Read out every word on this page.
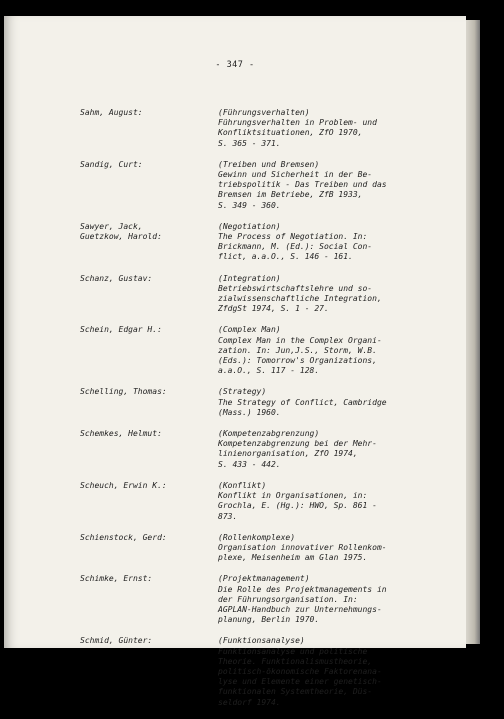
- 347 -
Sahm, August:	(Führungsverhalten)
Führungsverhalten in Problem- und
Konfliktsituationen, ZfO 1970,
S. 365 - 371.
Sandig, Curt:	(Treiben und Bremsen)
Gewinn und Sicherheit in der Be-
triebspolitik - Das Treiben und das
Bremsen im Betriebe, ZfB 1933,
S. 349 - 360.
Sawyer, Jack,
Guetzkow, Harold:
(Negotiation)
The Process of Negotiation. In:
Brickmann, M. (Ed.): Social Con-
flict, a.a.O., S. 146 - 161.
Schanz, Gustav:	(Integration)
Betriebswirtschaftslehre und so-
zialwissenschaftliche Integration,
ZfdgSt 1974, S. 1 - 27.
Schein, Edgar H.:	(Complex Man)
Complex Man in the Complex Organi-
zation. In: Jun,J.S., Storm, W.B.
(Eds.): Tomorrow's Organizations,
a.a.O., S. 117 - 128.
Schelling, Thomas:	(Strategy)
The Strategy of Conflict, Cambridge
(Mass.) 1960.
Schemkes, Helmut:	(Kompetenzabgrenzung)
Kompetenzabgrenzung bei der Mehr-
linienorganisation, ZfO 1974,
S. 433 - 442.
Scheuch, Erwin K.:	(Konflikt)
Konflikt in Organisationen, in:
Grochla, E. (Hg.): HWO, Sp. 861 -
873.
Schienstock, Gerd:	(Rollenkomplexe)
Organisation innovativer Rollenkom-
plexe, Meisenheim am Glan 1975.
Schimke, Ernst:	(Projektmanagement)
Die Rolle des Projektmanagements in
der Führungsorganisation. In:
AGPLAN-Handbuch zur Unternehmungs-
planung, Berlin 1970.
Schmid, Günter:	(Funktionsanalyse)
Funktionsanalyse und politische
Theorie. Funktionalismustheorie,
politisch-ökonomische Faktorenana-
lyse und Elemente einer genetisch-
funktionalen Systemtheorie, Düs-
seldorf 1974.
